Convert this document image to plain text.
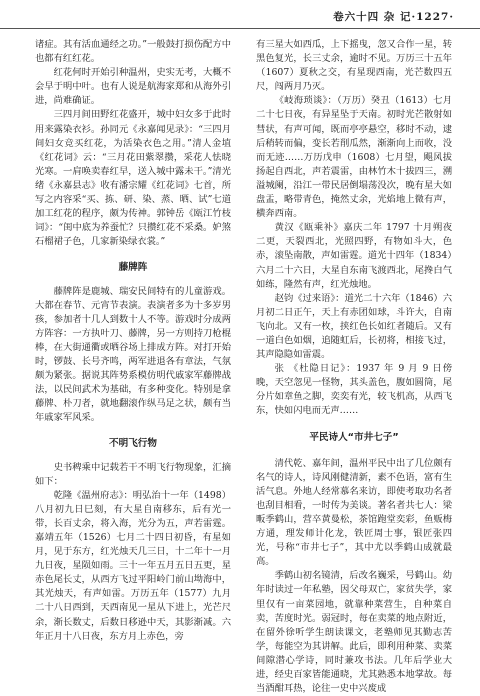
卷六十四 杂 记·1227·

诸症。其有活血通经之功。”一般鼓打损伤配方中也都有红红花。

红花何时开始引种温州，史实无考，大概不会早于明中叶。也有人说是航海家郑和从海外引进，尚难确证。

三四月间田野红花盛开，城中妇女多于此时用来露染衣衫。孙同元《永嘉闻见录》：“三四月间妇女竞买红花，为活染衣色之用。”清人金埴《红花词》云：“三月花田紫翠攒，采花人怯晓光寒。一肩唤卖春红早，送入城中露未干。”清光绪《永嘉县志》收有潘宗耀《红花词》七首，所写之内容采“买、拣、研、染、蒸、晒、试”七道加工红花的程序，颇为传神。郭钟岳《瓯江竹枝词》：“闺中底为养蚕忙？只攒红花不采桑。妒煞石榴裙子色，几家新染绿衣裳。”

藤牌阵

藤牌阵是鹿城、瑞安民间特有的儿童游戏。大都在春节、元宵节表演。表演者多为十多岁男孩，参加者十几人到数十人不等。游戏时分成两方阵容：一方执叶刀、藤牌，另一方则持刀枪棍棒，在大街通衢或晒谷场上排成方阵。对打开始时，锣鼓、长号齐鸣，两军进退各有章法，气氛颇为紧张。据说其阵势系模仿明代戚家军藤牌战法，以民间武术为基础，有多种变化。特别是拿藤牌、朴刀者，就地翻滚作纵马足之状，颇有当年戚家军风采。

不明飞行物

史书稗乘中记载若干不明飞行物现象，汇摘如下：

乾隆《温州府志》：明弘治十一年（1498）八月初九日巳刻，有大星自南移东，后有光一带，长百丈余，将入海，光分为五，声若雷霆。嘉靖五年（1526）七月二十四日初昏，有星如月，见于东方，红光烛天几三日，十二年十一月九日夜，星陨如雨。三十一年五月五日五更，星赤色尾长丈，从西方飞过平阳岭门前山坳海中，其光烛天，有声如雷。万历五年（1577）九月二十八日西到，天西南见一星从下进上，光芒尺余，渐长数丈，后数日移逊中天，其影渐减。六年正月十八日夜，东方月上赤色，旁

有三星大如西瓜，上下摇曳，忽又合作一星，转黑色复光，长三丈余，逾时不见。万历三十五年（1607）夏秋之交，有星现西南，光芒数四五尺，闯两月乃灭。

《岐海琐谈》：（万历）癸丑（1613）七月二十七日夜，有异星坠于天南。初时光芒散射如彗状，有声可闻，既而亭亭悬空，移时不动，逮后稍转而偏，变长若削瓜然，渐渐向上而收，没而无迹……万历戊申（1608）七月望，飓风拔扬起自西北，声若震雷，由林竹木十拔四三，溯溢城阑，沿江一带民居倒塌荡没次，晚有星大如盘盂，略带青色，掩然丈余，光焰地上微有声，横奔西南。

黄汉《瓯乘补》嘉庆二年 1797 十月朔夜二更，天裂西北，光照四野，有物如斗大，色赤，滚坠南散，声如雷霆。道光十四年（1834）六月二十六日，大星自东南飞渡西北，尾搀白气如练，隆然有声，红光烛地。

赵钧《过来语》：道光二十六年（1846）六月初二日正午，天上有赤团如球，斗许大，自南飞向北。又有一枚，挟红色长如红者随后。又有一道白色如烟，追随虹后，长初将，相接飞过，其声隐隐如雷震。

张 《杜隐日记》：1937 年 9 月 9 日傍晚，天空忽见一怪物，其头盖色，腹如圆筒，尾分片如章鱼之脚，奕奕有光，较飞机高，从西飞东，快如闪电而无声……

平民诗人“市井七子”

清代乾、嘉年间，温州平民中出了几位颇有名气的诗人，诗风刚健清新，素不色语，富有生活气息。外地人经常慕名来访，即使考取功名者也刮目相看，一时传为美谈。著名者共七人：梁畈季鹤山，营卒黄曼松，茶馆跑堂奕彩，鱼贩梅方通，理发师计化龙，铁匠周士事，银匠张四光，号称“市井七子”，其中尤以季鹤山成就最高。

季鹤山初名镜清，后改名巍采，号鹤山。幼年时读过一年私塾，因父母双亡，家贫失学，家里仅有一亩菜园地，就靠种菜营生，自种菜自卖，苦度时光。弱冠时，每在卖菜的地点附近，在留外徐听学生朗读课文，老塾师见其勤志苦学，每能空为其讲解。此后，即利用种菜、卖菜间隙潜心学诗，同时兼攻书法。几年后学业大进，经史百家皆能通晓，尤其熟悉本地掌故。每当酒酣耳热，论往一史中兴废成
